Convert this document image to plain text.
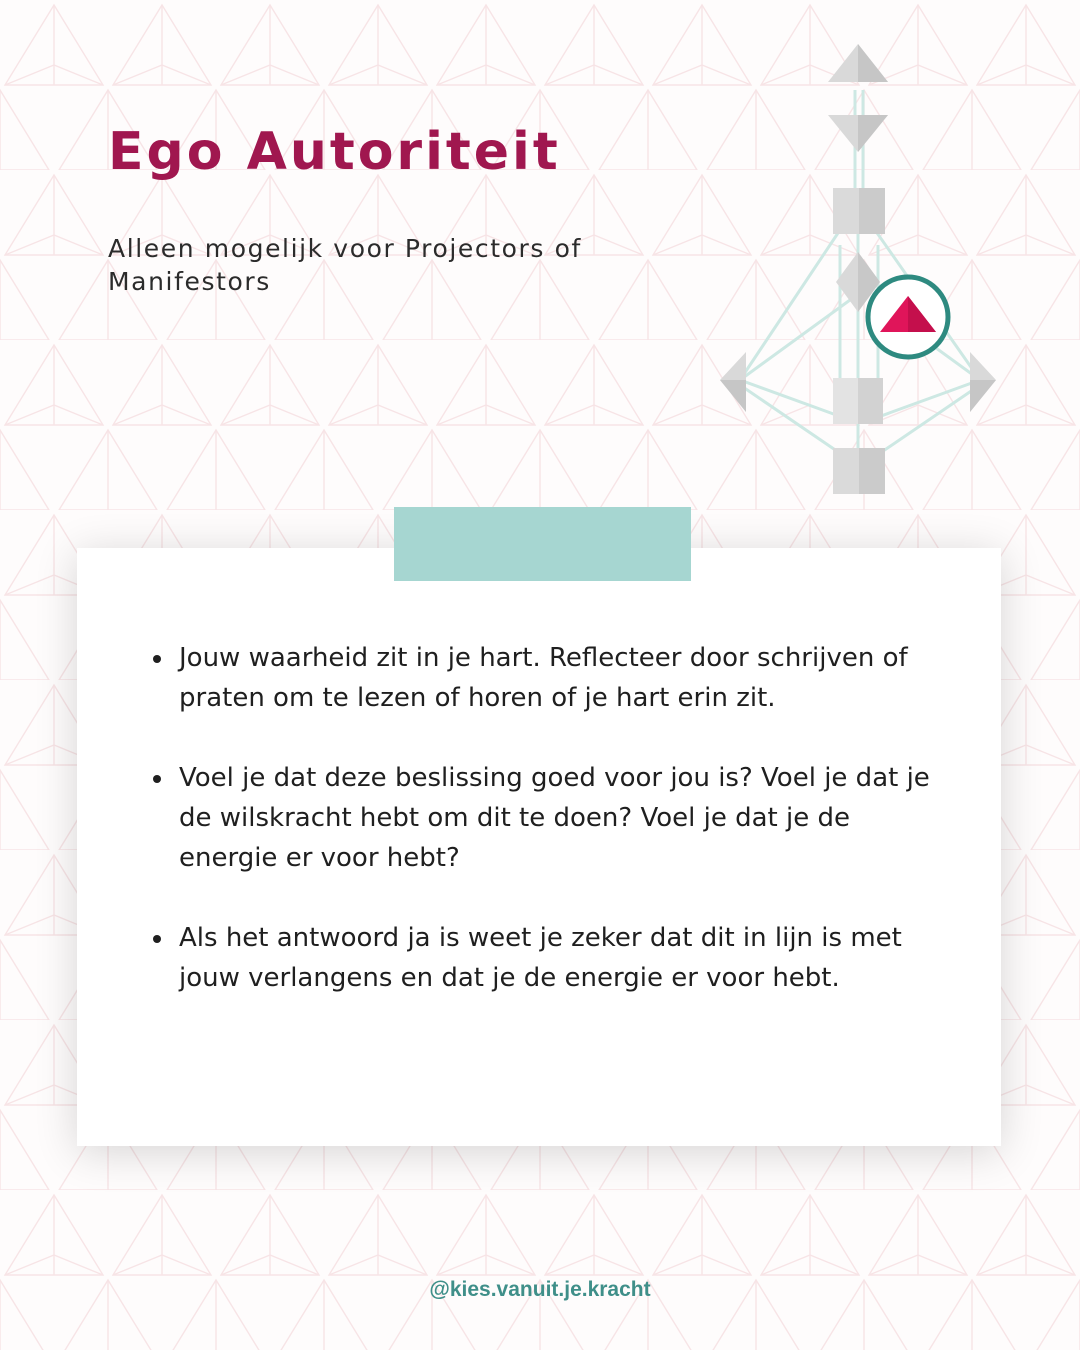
Ego Autoriteit

Alleen mogelijk voor Projectors of Manifestors

Jouw waarheid zit in je hart. Reflecteer door schrijven of praten om te lezen of horen of je hart erin zit.
Voel je dat deze beslissing goed voor jou is? Voel je dat je de wilskracht hebt om dit te doen? Voel je dat je de energie er voor hebt?
Als het antwoord ja is weet je zeker dat dit in lijn is met jouw verlangens en dat je de energie er voor hebt.
@kies.vanuit.je.kracht
